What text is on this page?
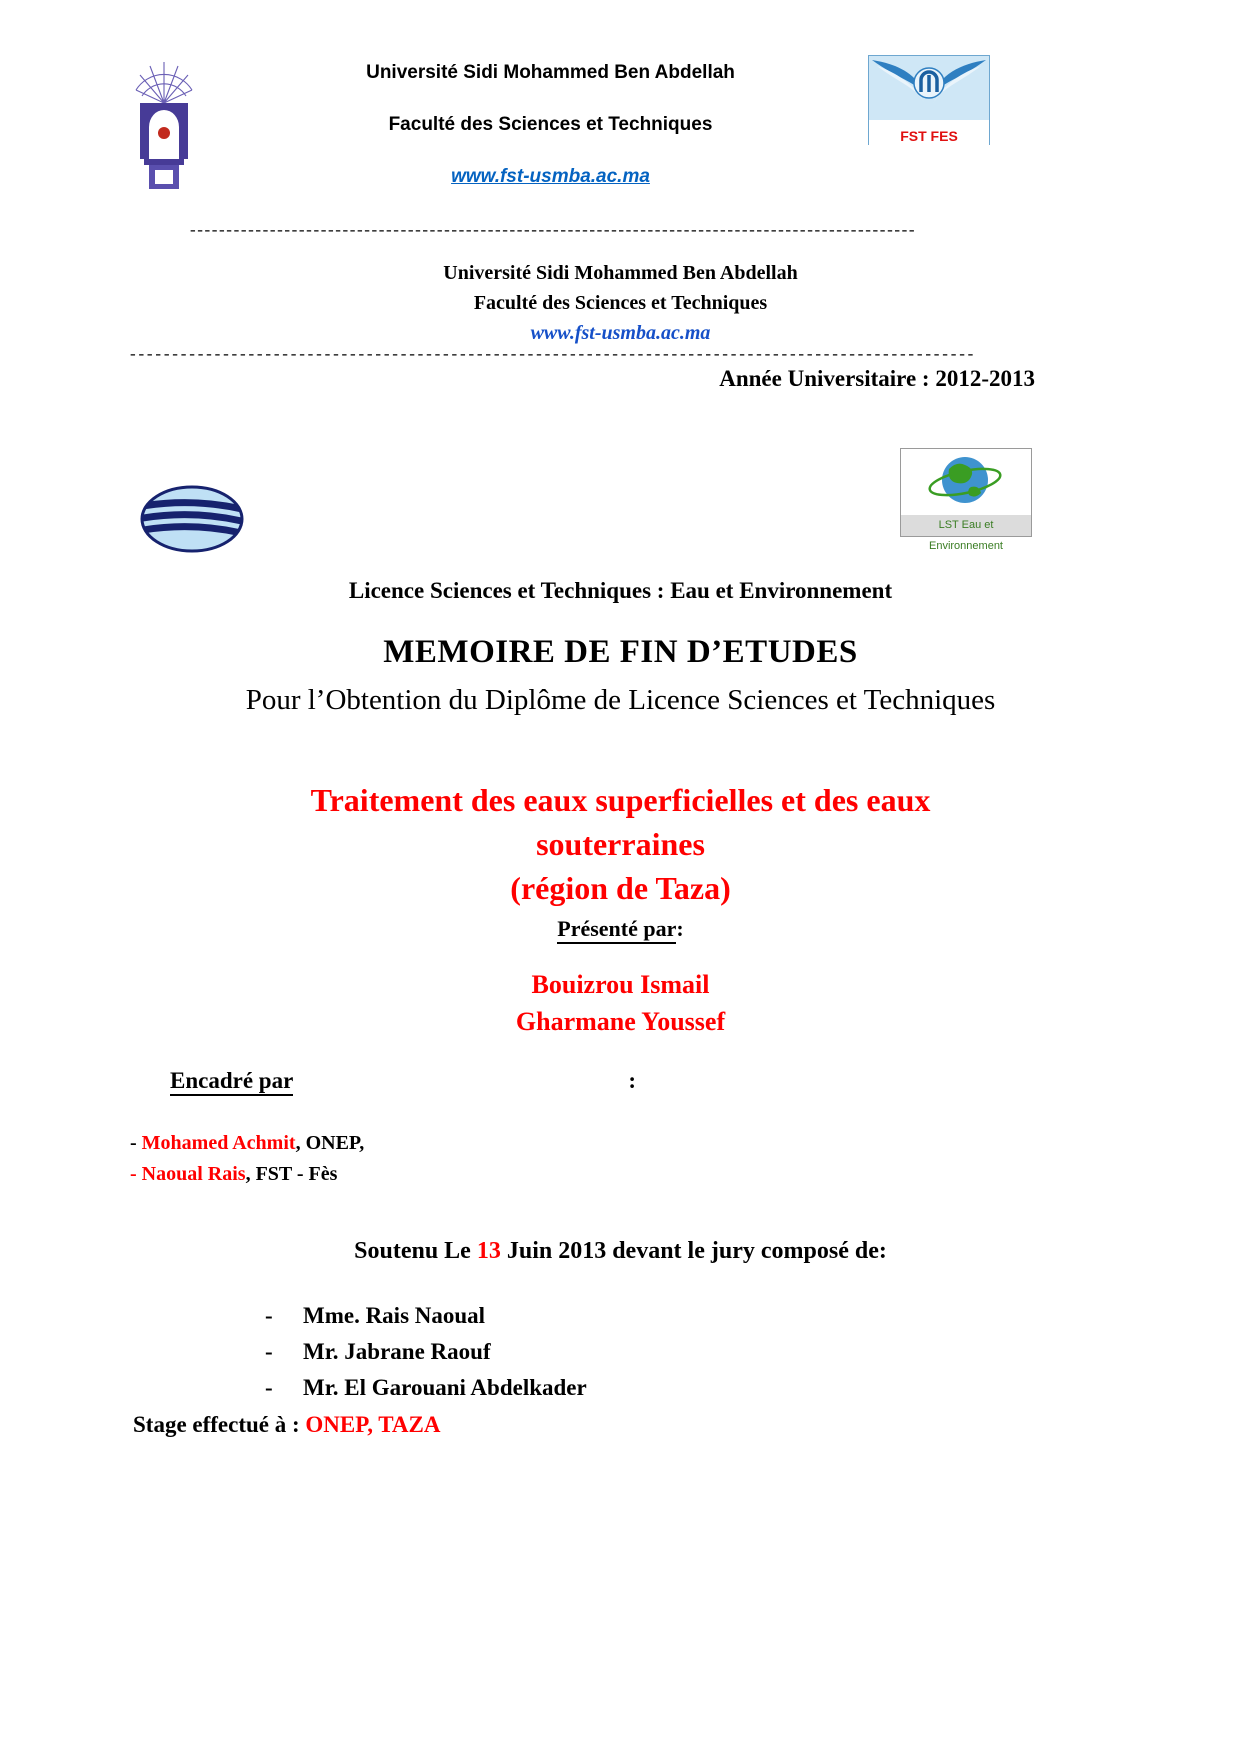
Université Sidi Mohammed Ben Abdellah
Faculté des Sciences et Techniques
www.fst-usmba.ac.ma
FST FES
----------------------------------------------------------------------------------------------------
Université Sidi Mohammed Ben Abdellah
Faculté des Sciences et Techniques
www.fst-usmba.ac.ma
----------------------------------------------------------------------------------------------------
Année Universitaire : 2012-2013
LST Eau et Environnement
Licence Sciences et Techniques : Eau et Environnement
MEMOIRE DE FIN D’ETUDES
Pour l’Obtention du Diplôme de Licence Sciences et Techniques
Traitement des eaux superficielles et des eaux
souterraines
(région de Taza)
Présenté par:
Bouizrou Ismail
Gharmane Youssef
Encadré par	:
- Mohamed Achmit, ONEP,
- Naoual Rais, FST - Fès
Soutenu Le 13 Juin 2013 devant le jury composé de:
- Mme. Rais Naoual
- Mr. Jabrane Raouf
- Mr. El Garouani Abdelkader
Stage effectué à : ONEP, TAZA
